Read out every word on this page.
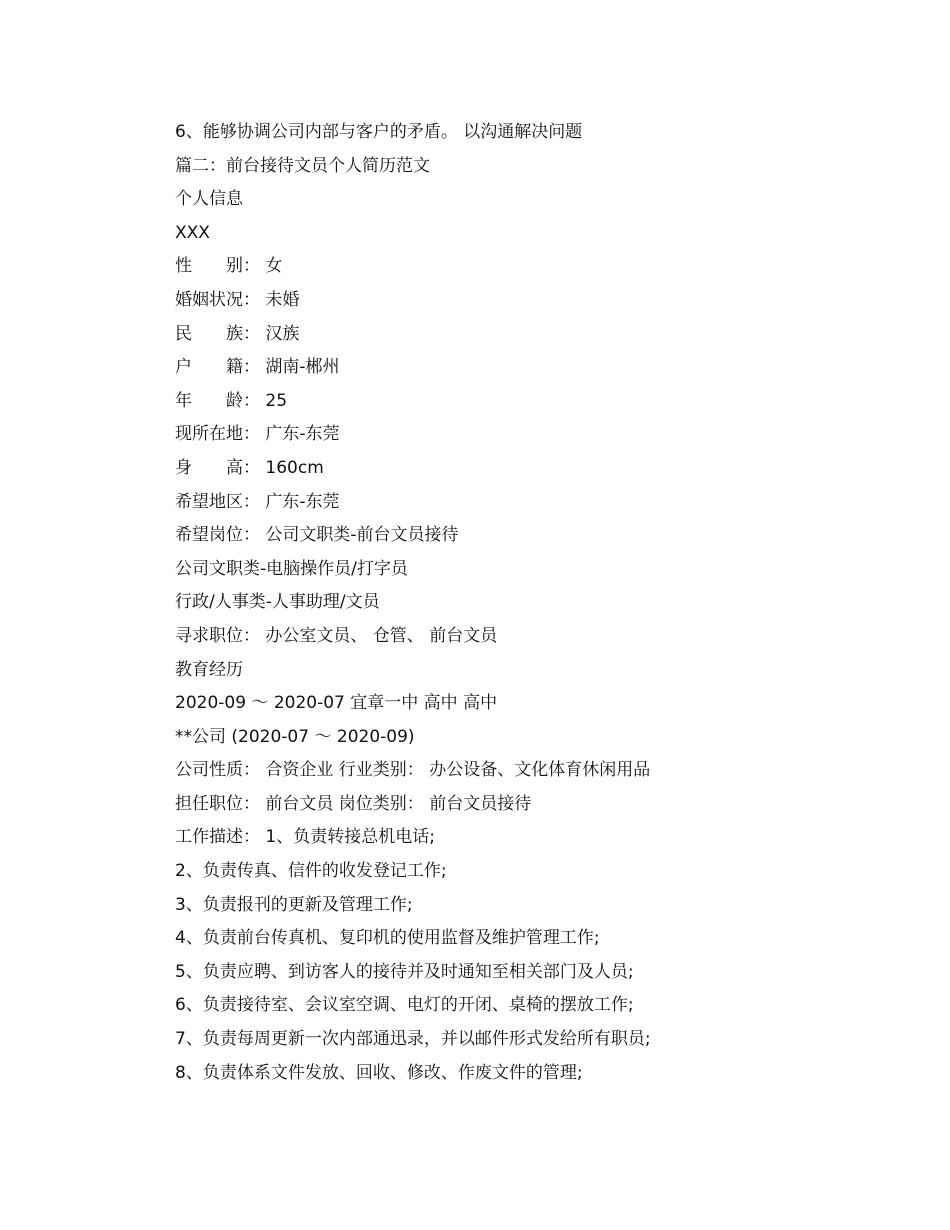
6、能够协调公司内部与客户的矛盾。 以沟通解决问题
篇二：前台接待文员个人简历范文
个人信息
XXX
性　　别： 女
婚姻状况： 未婚
民　　族： 汉族
户　　籍： 湖南-郴州
年　　龄： 25
现所在地： 广东-东莞
身　　高： 160cm
希望地区： 广东-东莞
希望岗位： 公司文职类-前台文员接待
公司文职类-电脑操作员/打字员
行政/人事类-人事助理/文员
寻求职位： 办公室文员、 仓管、 前台文员
教育经历
2020-09 ～ 2020-07 宜章一中 高中 高中
**公司 (2020-07 ～ 2020-09)
公司性质： 合资企业 行业类别： 办公设备、文化体育休闲用品
担任职位： 前台文员 岗位类别： 前台文员接待
工作描述： 1、负责转接总机电话;
2、负责传真、信件的收发登记工作;
3、负责报刊的更新及管理工作;
4、负责前台传真机、复印机的使用监督及维护管理工作;
5、负责应聘、到访客人的接待并及时通知至相关部门及人员;
6、负责接待室、会议室空调、电灯的开闭、桌椅的摆放工作;
7、负责每周更新一次内部通迅录，并以邮件形式发给所有职员;
8、负责体系文件发放、回收、修改、作废文件的管理;
